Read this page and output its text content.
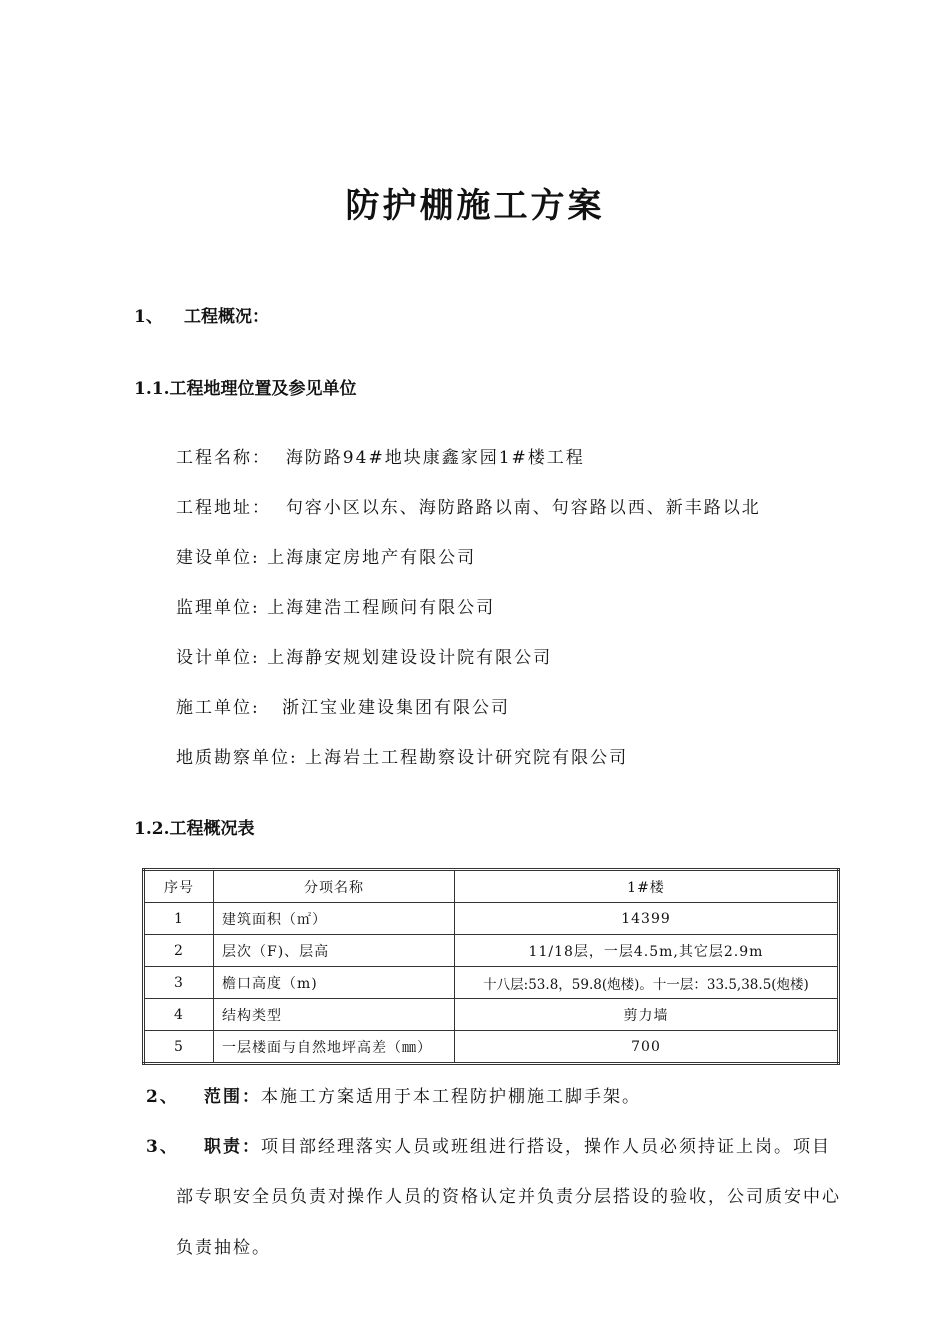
防护棚施工方案
1、 工程概况：
1.1.工程地理位置及参见单位
工程名称： 海防路94#地块康鑫家园1#楼工程
工程地址： 句容小区以东、海防路路以南、句容路以西、新丰路以北
建设单位: 上海康定房地产有限公司
监理单位: 上海建浩工程顾问有限公司
设计单位: 上海静安规划建设设计院有限公司
施工单位: 浙江宝业建设集团有限公司
地质勘察单位: 上海岩土工程勘察设计研究院有限公司
1.2.工程概况表
序号	分项名称	1#楼
1	建筑面积（㎡）	14399
2	层次（F)、层高	11/18层，一层4.5m,其它层2.9m
3	檐口高度（m)	十八层:53.8，59.8(炮楼)。十一层：33.5,38.5(炮楼)
4	结构类型	剪力墙
5	一层楼面与自然地坪高差（㎜）	700
2、 范围：本施工方案适用于本工程防护棚施工脚手架。
3、 职责：项目部经理落实人员或班组进行搭设，操作人员必须持证上岗。项目
部专职安全员负责对操作人员的资格认定并负责分层搭设的验收，公司质安中心
负责抽检。
